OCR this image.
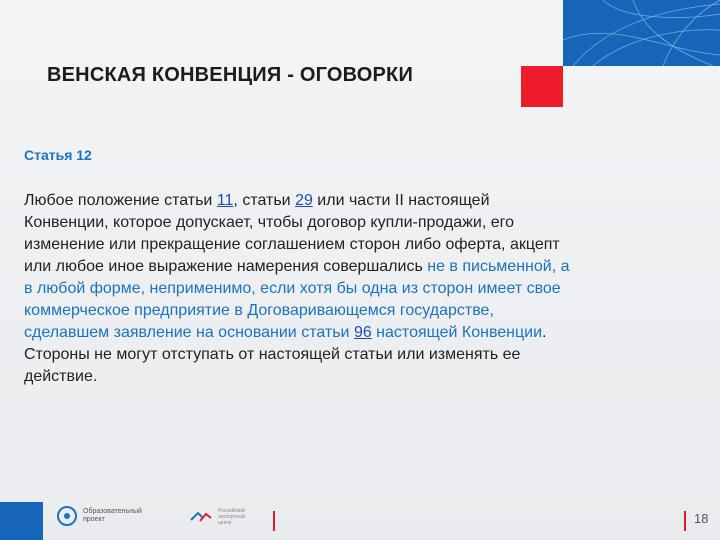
ВЕНСКАЯ КОНВЕНЦИЯ - ОГОВОРКИ
Статья 12
Любое положение статьи 11, статьи 29 или части II настоящей
Конвенции, которое допускает, чтобы договор купли-продажи, его
изменение или прекращение соглашением сторон либо оферта, акцепт
или любое иное выражение намерения совершались не в письменной, а
в любой форме, неприменимо, если хотя бы одна из сторон имеет свое
коммерческое предприятие в Договаривающемся государстве,
сделавшем заявление на основании статьи 96 настоящей Конвенции.
Стороны не могут отступать от настоящей статьи или изменять ее
действие.
Образовательный
проект
Российский
экспортный
центр	18
